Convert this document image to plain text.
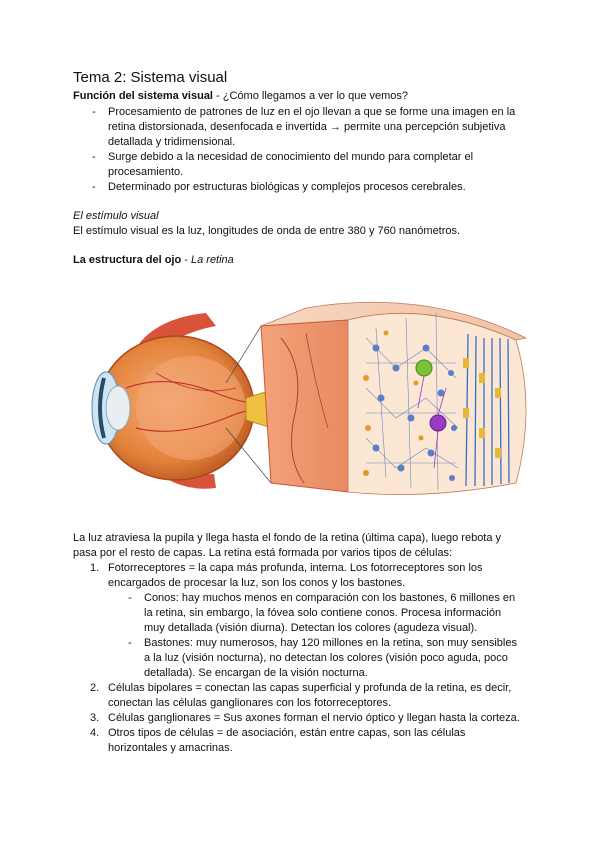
Tema 2: Sistema visual
Función del sistema visual - ¿Cómo llegamos a ver lo que vemos?
- Procesamiento de patrones de luz en el ojo llevan a que se forme una imagen en la
retina distorsionada, desenfocada e invertida → permite una percepción subjetiva
detallada y tridimensional.
- Surge debido a la necesidad de conocimiento del mundo para completar el
procesamiento.
- Determinado por estructuras biológicas y complejos procesos cerebrales.
El estímulo visual
El estímulo visual es la luz, longitudes de onda de entre 380 y 760 nanómetros.
La estructura del ojo - La retina
La luz atraviesa la pupila y llega hasta el fondo de la retina (última capa), luego rebota y
pasa por el resto de capas. La retina está formada por varios tipos de células:
1. Fotorreceptores = la capa más profunda, interna. Los fotorreceptores son los
encargados de procesar la luz, son los conos y los bastones.
- Conos: hay muchos menos en comparación con los bastones, 6 millones en
la retina, sin embargo, la fóvea solo contiene conos. Procesa información
muy detallada (visión diurna). Detectan los colores (agudeza visual).
- Bastones: muy numerosos, hay 120 millones en la retina, son muy sensibles
a la luz (visión nocturna), no detectan los colores (visión poco aguda, poco
detallada). Se encargan de la visión nocturna.
2. Células bipolares = conectan las capas superficial y profunda de la retina, es decir,
conectan las células ganglionares con los fotorreceptores.
3. Células ganglionares = Sus axones forman el nervio óptico y llegan hasta la corteza.
4. Otros tipos de células = de asociación, están entre capas, son las células
horizontales y amacrinas.
